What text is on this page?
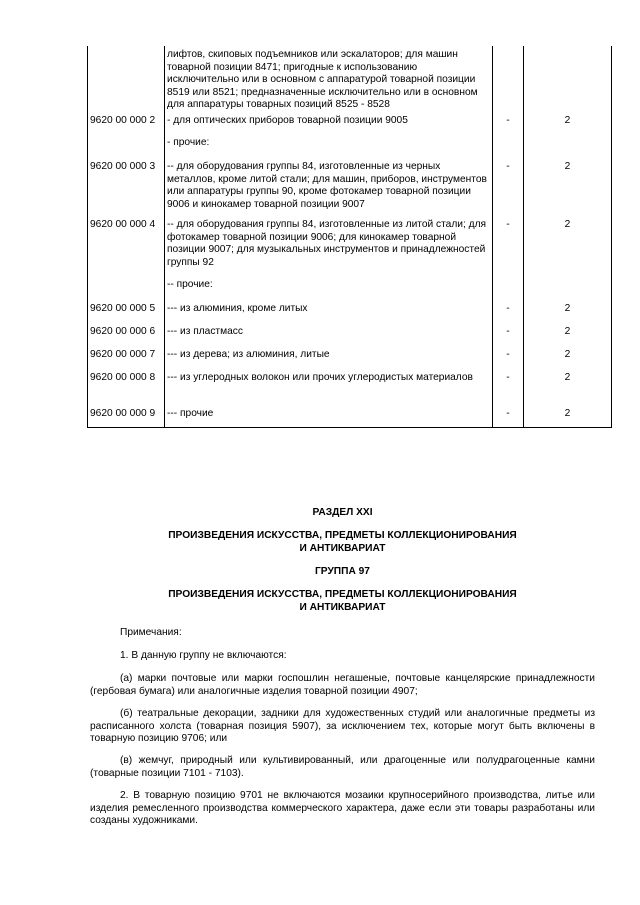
	лифтов, скиповых подъемников или эскалаторов; для машин товарной позиции 8471; пригодные к использованию исключительно или в основном с аппаратурой товарной позиции 8519 или 8521; предназначенные исключительно или в основном для аппаратуры товарных позиций 8525 - 8528		
9620 00 000 2	- для оптических приборов товарной позиции 9005	-	2
	- прочие:		
9620 00 000 3	-- для оборудования группы 84, изготовленные из черных металлов, кроме литой стали; для машин, приборов, инструментов или аппаратуры группы 90, кроме фотокамер товарной позиции 9006 и кинокамер товарной позиции 9007	-	2
9620 00 000 4	-- для оборудования группы 84, изготовленные из литой стали; для фотокамер товарной позиции 9006; для кинокамер товарной позиции 9007; для музыкальных инструментов и принадлежностей группы 92	-	2
	-- прочие:		
9620 00 000 5	--- из алюминия, кроме литых	-	2
9620 00 000 6	--- из пластмасс	-	2
9620 00 000 7	--- из дерева; из алюминия, литые	-	2
9620 00 000 8	--- из углеродных волокон или прочих углеродистых материалов	-	2
9620 00 000 9	--- прочие	-	2

РАЗДЕЛ XXI

ПРОИЗВЕДЕНИЯ ИСКУССТВА, ПРЕДМЕТЫ КОЛЛЕКЦИОНИРОВАНИЯ

И АНТИКВАРИАТ

ГРУППА 97

ПРОИЗВЕДЕНИЯ ИСКУССТВА, ПРЕДМЕТЫ КОЛЛЕКЦИОНИРОВАНИЯ

И АНТИКВАРИАТ

Примечания:

1. В данную группу не включаются:

(а) марки почтовые или марки госпошлин негашеные, почтовые канцелярские принадлежности (гербовая бумага) или аналогичные изделия товарной позиции 4907;

(б) театральные декорации, задники для художественных студий или аналогичные предметы из расписанного холста (товарная позиция 5907), за исключением тех, которые могут быть включены в товарную позицию 9706; или

(в) жемчуг, природный или культивированный, или драгоценные или полудрагоценные камни (товарные позиции 7101 - 7103).

2. В товарную позицию 9701 не включаются мозаики крупносерийного производства, литье или изделия ремесленного производства коммерческого характера, даже если эти товары разработаны или созданы художниками.
